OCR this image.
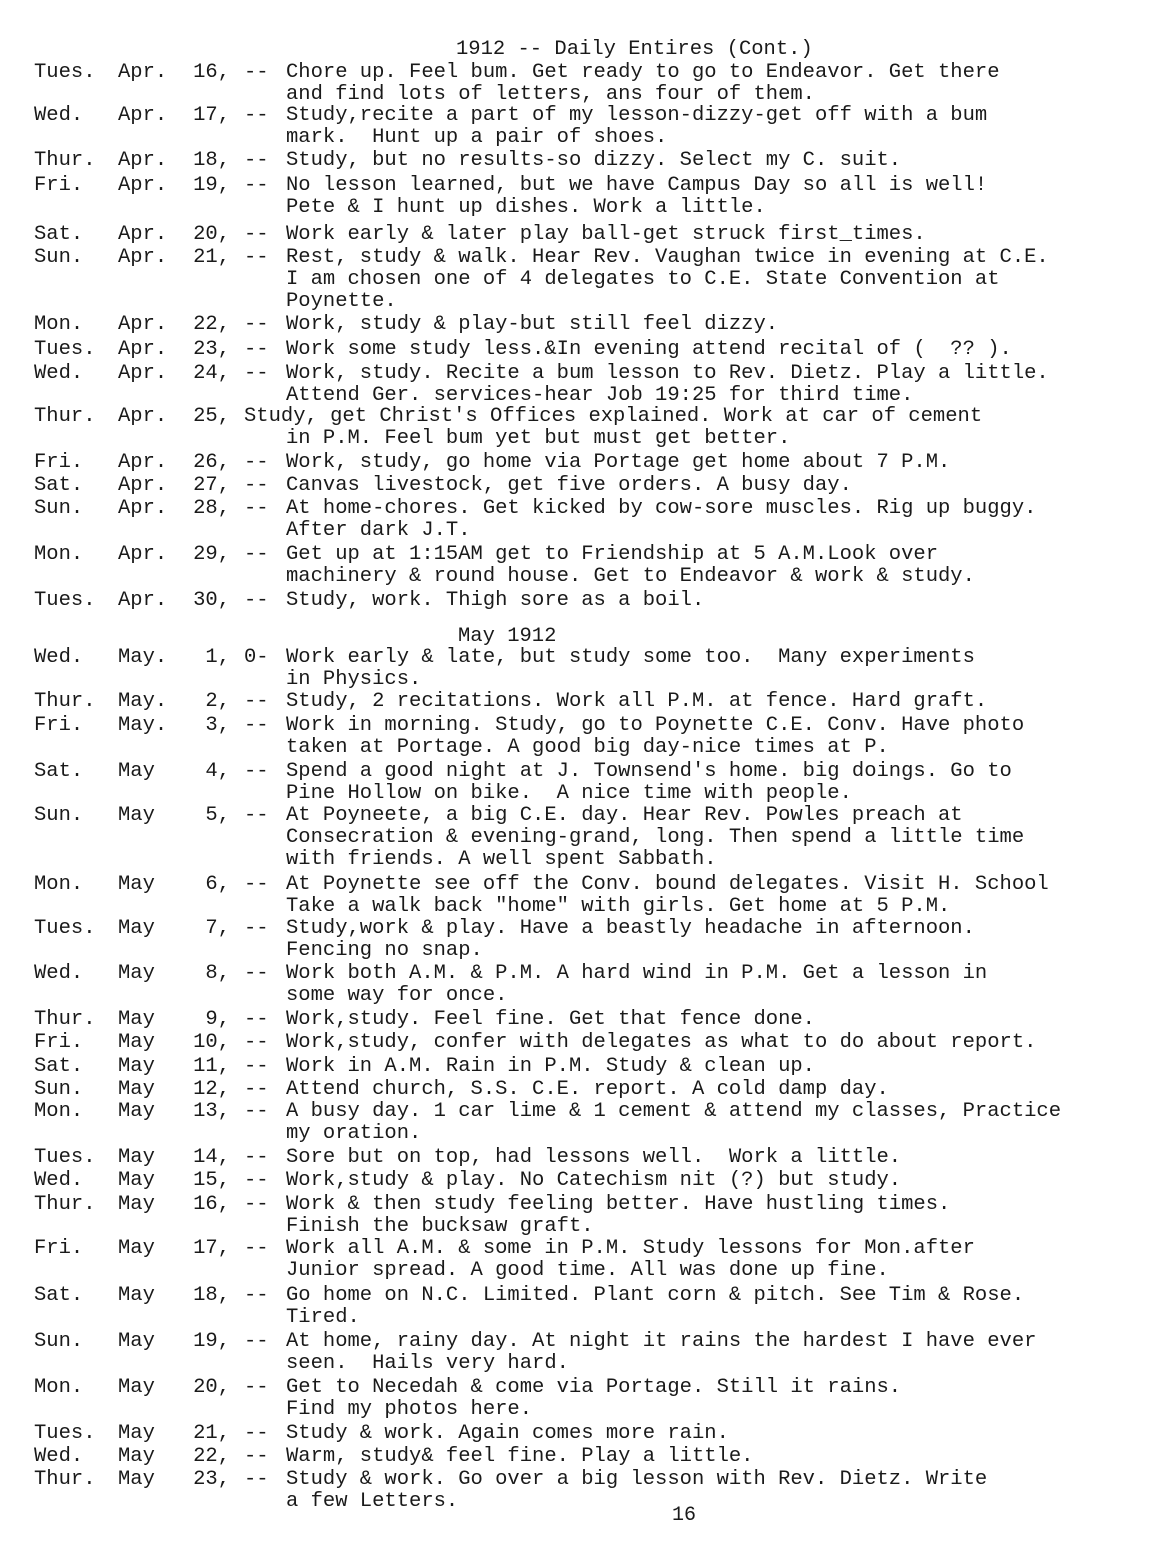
1912 -- Daily Entires (Cont.)
Tues. Apr. 16, -- Chore up. Feel bum. Get ready to go to Endeavor. Get there
and find lots of letters, ans four of them.
Wed. Apr. 17, -- Study,recite a part of my lesson-dizzy-get off with a bum
mark.  Hunt up a pair of shoes.
Thur. Apr. 18, -- Study, but no results-so dizzy. Select my C. suit.
Fri. Apr. 19, -- No lesson learned, but we have Campus Day so all is well!
Pete & I hunt up dishes. Work a little.
Sat. Apr. 20, -- Work early & later play ball-get struck first_times.
Sun. Apr. 21, -- Rest, study & walk. Hear Rev. Vaughan twice in evening at C.E.
I am chosen one of 4 delegates to C.E. State Convention at
Poynette.
Mon. Apr. 22, -- Work, study & play-but still feel dizzy.
Tues. Apr. 23, -- Work some study less.&In evening attend recital of (  ?? ).
Wed. Apr. 24, -- Work, study. Recite a bum lesson to Rev. Dietz. Play a little.
Attend Ger. services-hear Job 19:25 for third time.
Thur. Apr. 25, Study, get Christ's Offices explained. Work at car of cement
in P.M. Feel bum yet but must get better.
Fri. Apr. 26, -- Work, study, go home via Portage get home about 7 P.M.
Sat. Apr. 27, -- Canvas livestock, get five orders. A busy day.
Sun. Apr. 28, -- At home-chores. Get kicked by cow-sore muscles. Rig up buggy.
After dark J.T.
Mon. Apr. 29, -- Get up at 1:15AM get to Friendship at 5 A.M.Look over
machinery & round house. Get to Endeavor & work & study.
Tues. Apr. 30, -- Study, work. Thigh sore as a boil.
May 1912
Wed. May.	1, 0- Work early & late, but study some too.  Many experiments
in Physics.
Thur. May.	2, -- Study, 2 recitations. Work all P.M. at fence. Hard graft.
Fri. May.	3, -- Work in morning. Study, go to Poynette C.E. Conv. Have photo
taken at Portage. A good big day-nice times at P.
Sat. May	4, -- Spend a good night at J. Townsend's home. big doings. Go to
Pine Hollow on bike.  A nice time with people.
Sun. May	5, -- At Poyneete, a big C.E. day. Hear Rev. Powles preach at
Consecration & evening-grand, long. Then spend a little time
with friends. A well spent Sabbath.
Mon. May	6, -- At Poynette see off the Conv. bound delegates. Visit H. School
Take a walk back "home" with girls. Get home at 5 P.M.
Tues. May	7, -- Study,work & play. Have a beastly headache in afternoon.
Fencing no snap.
Wed. May	8, -- Work both A.M. & P.M. A hard wind in P.M. Get a lesson in
some way for once.
Thur. May	9, -- Work,study. Feel fine. Get that fence done.
Fri. May 10, -- Work,study, confer with delegates as what to do about report.
Sat. May 11, -- Work in A.M. Rain in P.M. Study & clean up.
Sun. May 12, -- Attend church, S.S. C.E. report. A cold damp day.
Mon. May 13, -- A busy day. 1 car lime & 1 cement & attend my classes, Practice
my oration.
Tues. May 14, -- Sore but on top, had lessons well.  Work a little.
Wed. May 15, -- Work,study & play. No Catechism nit (?) but study.
Thur. May 16, -- Work & then study feeling better. Have hustling times.
Finish the bucksaw graft.
Fri. May 17, -- Work all A.M. & some in P.M. Study lessons for Mon.after
Junior spread. A good time. All was done up fine.
Sat. May 18, -- Go home on N.C. Limited. Plant corn & pitch. See Tim & Rose.
Tired.
Sun. May 19, -- At home, rainy day. At night it rains the hardest I have ever
seen.  Hails very hard.
Mon. May 20, -- Get to Necedah & come via Portage. Still it rains.
Find my photos here.
Tues. May 21, -- Study & work. Again comes more rain.
Wed. May 22, -- Warm, study& feel fine. Play a little.
Thur. May 23, -- Study & work. Go over a big lesson with Rev. Dietz. Write
a few Letters.
16
